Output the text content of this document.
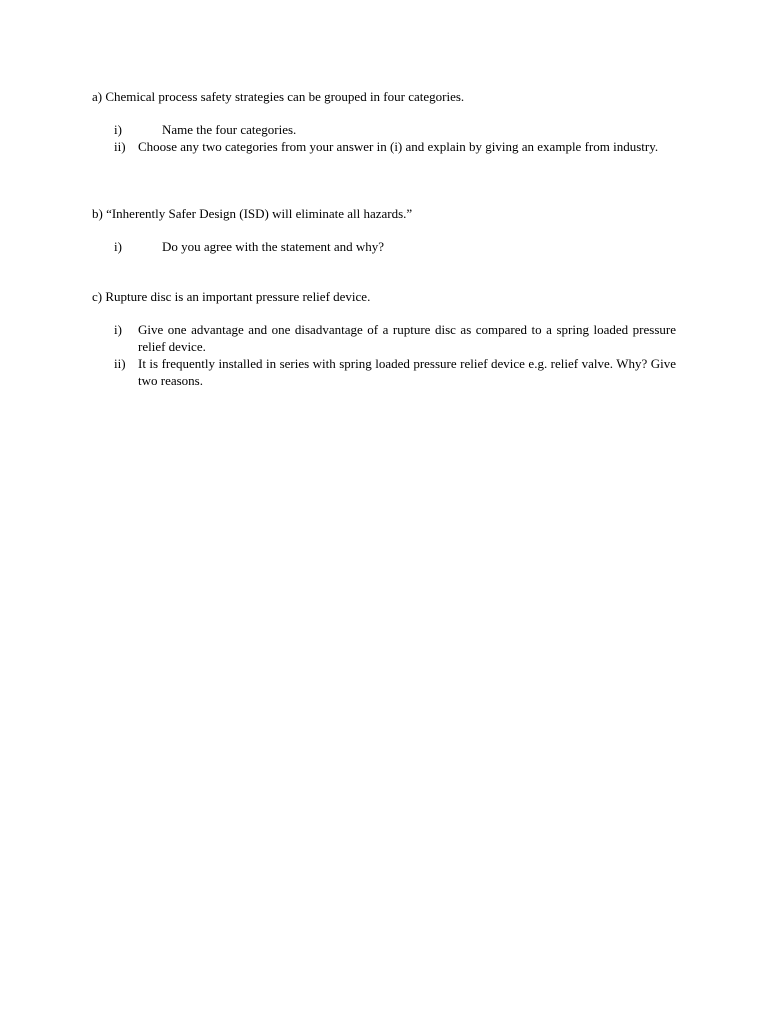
a) Chemical process safety strategies can be grouped in four categories.

i)	Name the four categories.
ii) Choose any two categories from your answer in (i) and explain by giving an example from industry.

b) “Inherently Safer Design (ISD) will eliminate all hazards.”

i)	Do you agree with the statement and why?

c) Rupture disc is an important pressure relief device.

i)	Give one advantage and one disadvantage of a rupture disc as compared to a spring loaded pressure relief device.
ii) It is frequently installed in series with spring loaded pressure relief device e.g. relief valve. Why? Give two reasons.
